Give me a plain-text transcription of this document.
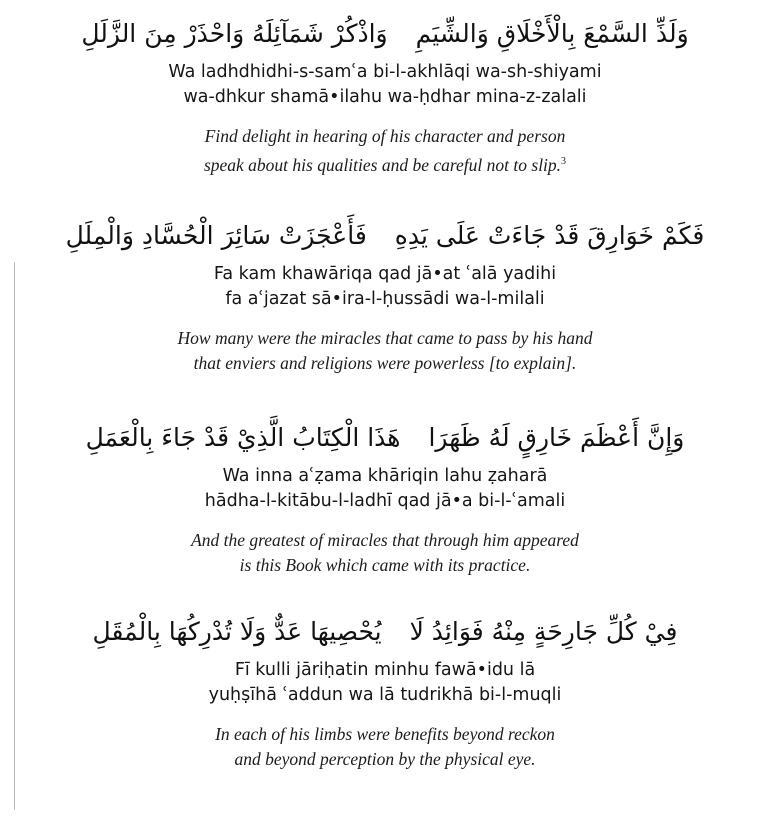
وَلَذِّ السَّمْعَ بِالْأَخْلَاقِ وَالشِّيَمِ
وَاذْكُرْ شَمَآئِلَهُ وَاحْذَرْ مِنَ الزَّلَلِ
Wa ladhdhidhi-s-samʿa bi-l-akhlāqi wa-sh-shiyami
wa-dhkur shamā•ilahu wa-ḥdhar mina-z-zalali
Find delight in hearing of his character and person
speak about his qualities and be careful not to slip.$^3$
فَكَمْ خَوَارِقَ قَدْ جَاءَتْ عَلَى يَدِهِ
فَأَعْجَزَتْ سَائِرَ الْحُسَّادِ وَالْمِلَلِ
Fa kam khawāriqa qad jā•at ʿalā yadihi
fa aʿjazat sā•ira-l-ḥussādi wa-l-milali
How many were the miracles that came to pass by his hand
that enviers and religions were powerless [to explain].
وَإِنَّ أَعْظَمَ خَارِقٍ لَهُ ظَهَرَا
هَذَا الْكِتَابُ الَّذِيْ قَدْ جَاءَ بِالْعَمَلِ
Wa inna aʿẓama khāriqin lahu ẓaharā
hādha-l-kitābu-l-ladhī qad jā•a bi-l-ʿamali
And the greatest of miracles that through him appeared
is this Book which came with its practice.
فِيْ كُلِّ جَارِحَةٍ مِنْهُ فَوَائِدُ لَا
يُحْصِيهَا عَدٌّ وَلَا تُدْرِكُهَا بِالْمُقَلِ
Fī kulli jāriḥatin minhu fawā•idu lā
yuḥṣīhā ʿaddun wa lā tudrikhā bi-l-muqli
In each of his limbs were benefits beyond reckon
and beyond perception by the physical eye.
